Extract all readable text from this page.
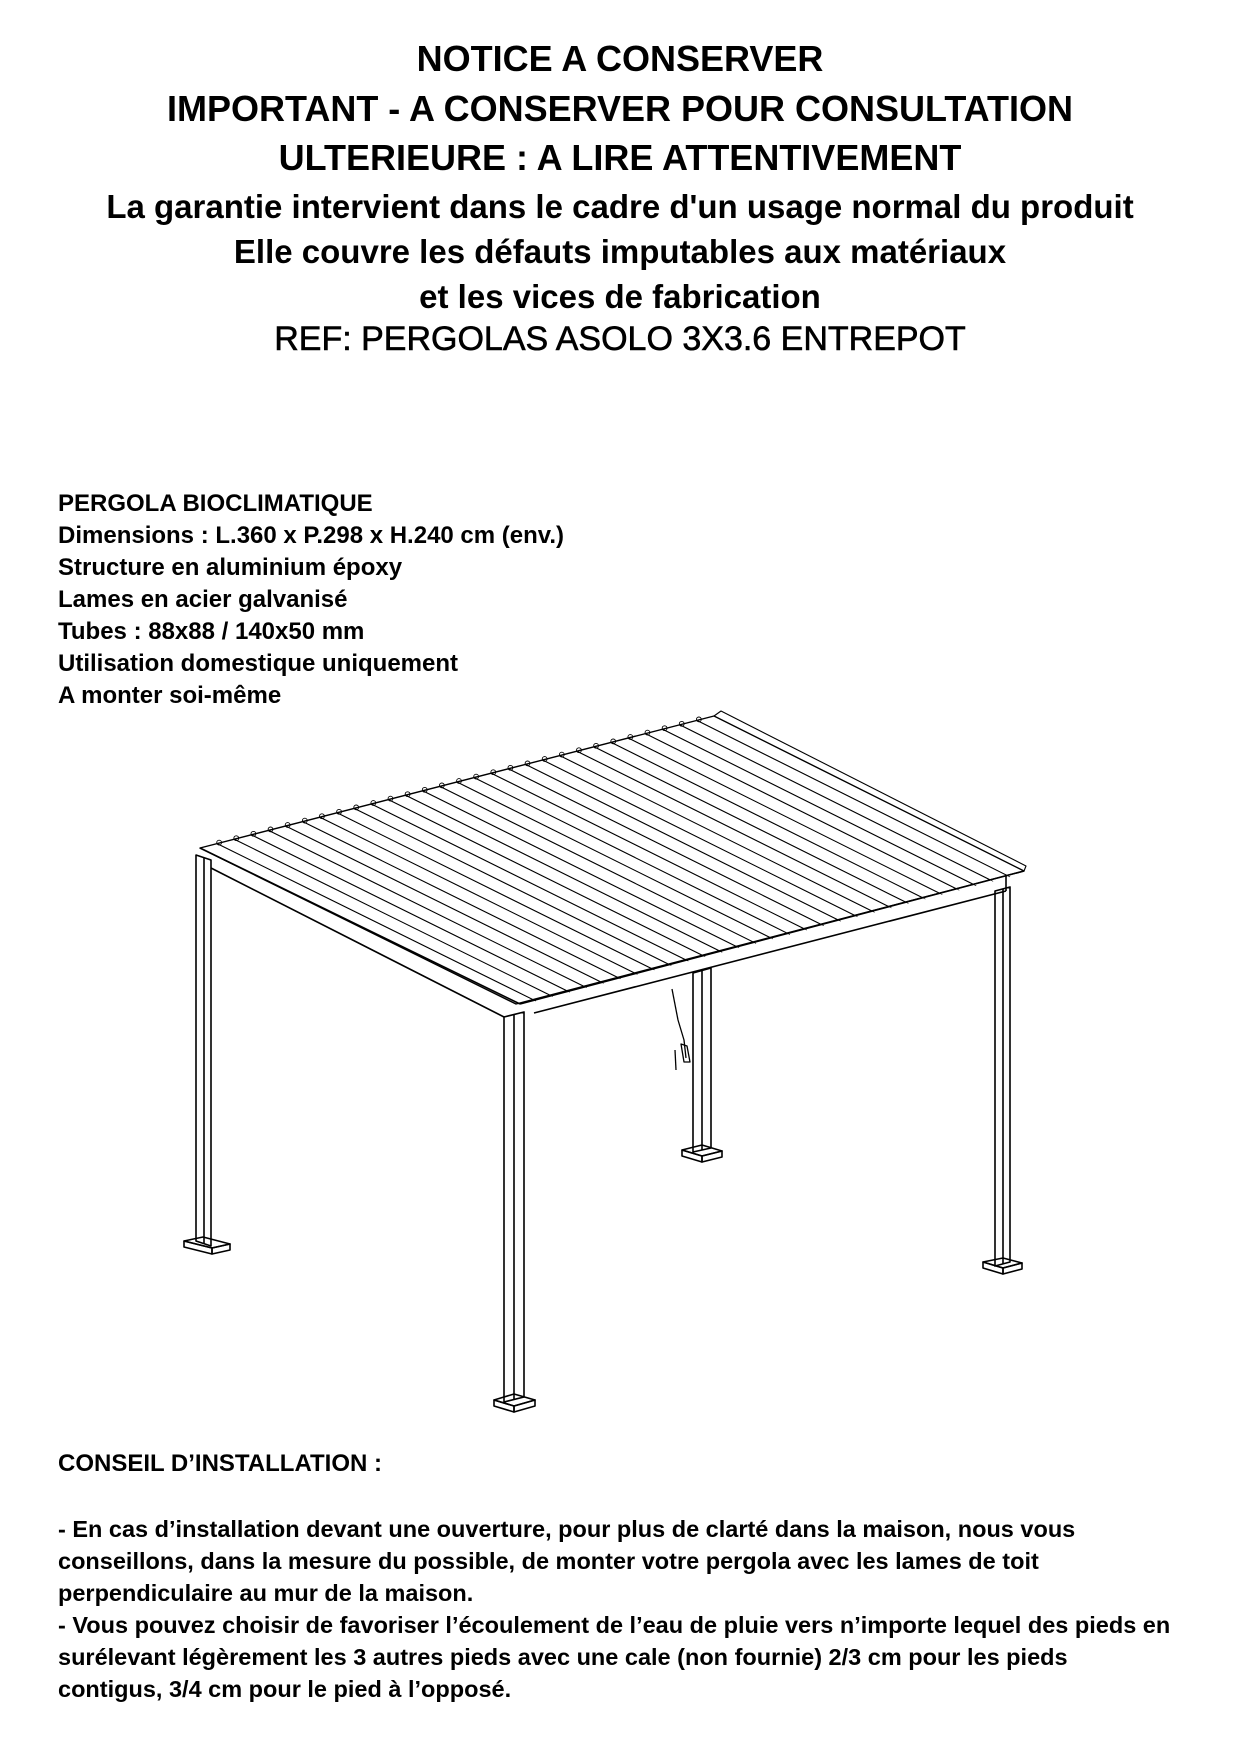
NOTICE A CONSERVER
IMPORTANT - A CONSERVER POUR CONSULTATION
ULTERIEURE : A LIRE ATTENTIVEMENT

La garantie intervient dans le cadre d'un usage normal du produit

Elle couvre les défauts imputables aux matériaux

et les vices de fabrication

REF: PERGOLAS ASOLO 3X3.6 ENTREPOT

PERGOLA BIOCLIMATIQUE

Dimensions : L.360 x P.298 x H.240 cm (env.)

Structure en aluminium époxy

Lames en acier galvanisé

Tubes : 88x88 / 140x50 mm

Utilisation domestique uniquement

A monter soi-même

CONSEIL D’INSTALLATION :

- En cas d’installation devant une ouverture, pour plus de clarté dans la maison, nous vous conseillons, dans la mesure du possible, de monter votre pergola avec les lames de toit perpendiculaire au mur de la maison.

- Vous pouvez choisir de favoriser l’écoulement de l’eau de pluie vers n’importe lequel des pieds en surélevant légèrement les 3 autres pieds avec une cale (non fournie) 2/3 cm pour les pieds contigus, 3/4 cm pour le pied à l’opposé.
